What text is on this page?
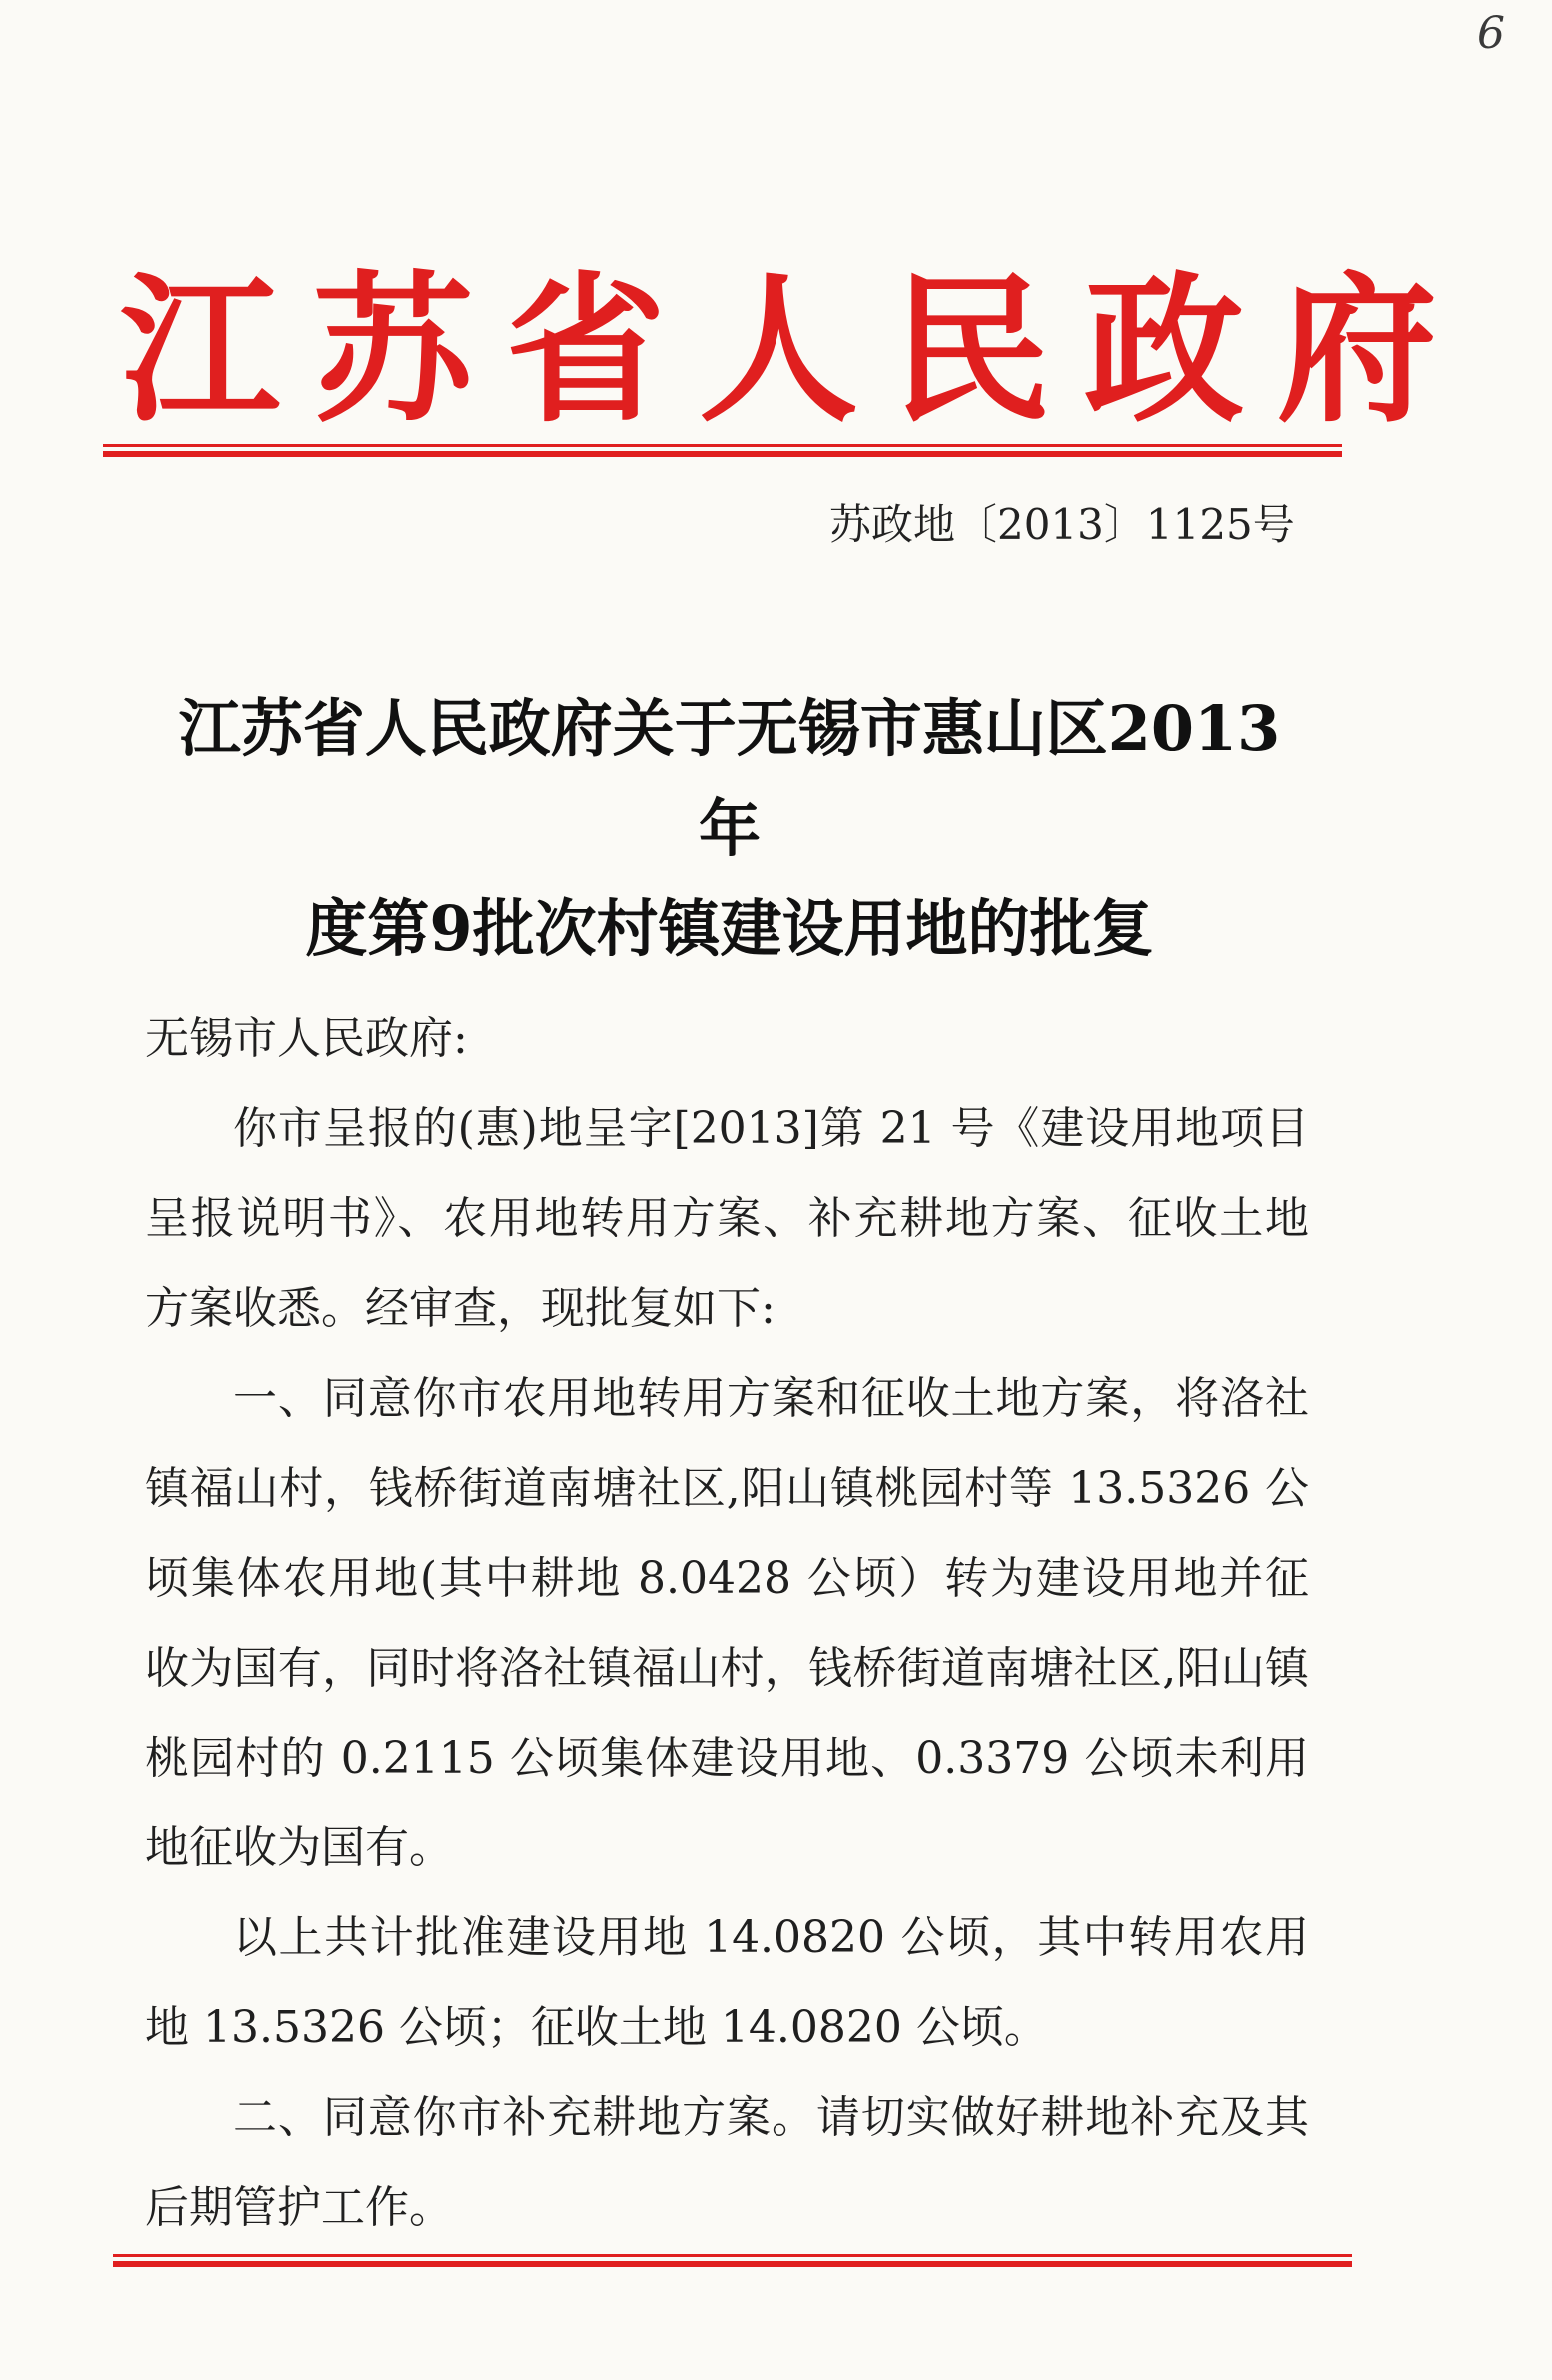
6
江苏省人民政府
苏政地〔2013〕1125号
江苏省人民政府关于无锡市惠山区2013年
度第9批次村镇建设用地的批复

无锡市人民政府:

你市呈报的(惠)地呈字[2013]第 21 号《建设用地项目呈报说明书》、农用地转用方案、补充耕地方案、征收土地方案收悉。经审查，现批复如下:

一、同意你市农用地转用方案和征收土地方案，将洛社镇福山村，钱桥街道南塘社区,阳山镇桃园村等 13.5326 公顷集体农用地(其中耕地 8.0428 公顷）转为建设用地并征收为国有，同时将洛社镇福山村，钱桥街道南塘社区,阳山镇桃园村的 0.2115 公顷集体建设用地、0.3379 公顷未利用地征收为国有。

以上共计批准建设用地 14.0820 公顷，其中转用农用地 13.5326 公顷；征收土地 14.0820 公顷。

二、同意你市补充耕地方案。请切实做好耕地补充及其后期管护工作。
